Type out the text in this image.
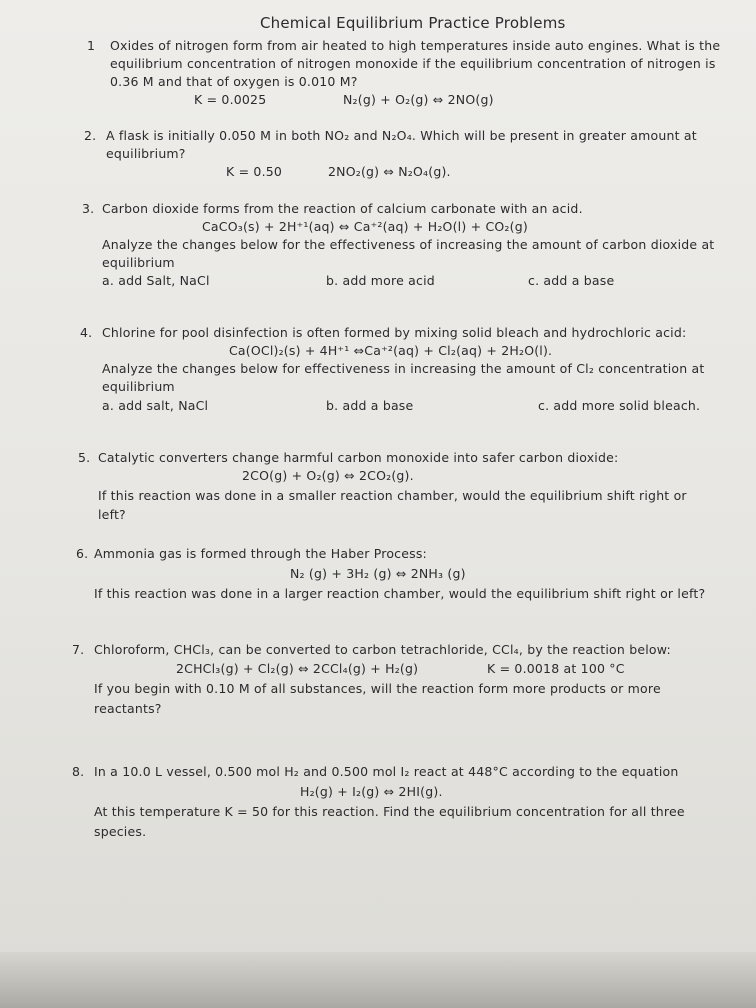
Chemical Equilibrium Practice Problems
1 Oxides of nitrogen form from air heated to high temperatures inside auto engines. What is the
equilibrium concentration of nitrogen monoxide if the equilibrium concentration of nitrogen is
0.36 M and that of oxygen is 0.010 M?
K = 0.0025	N₂(g) + O₂(g) ⇔ 2NO(g)
2. A flask is initially 0.050 M in both NO₂ and N₂O₄. Which will be present in greater amount at
equilibrium?
K = 0.50	2NO₂(g) ⇔ N₂O₄(g).
3. Carbon dioxide forms from the reaction of calcium carbonate with an acid.
CaCO₃(s) + 2H⁺¹(aq) ⇔ Ca⁺²(aq) + H₂O(l) + CO₂(g)
Analyze the changes below for the effectiveness of increasing the amount of carbon dioxide at
equilibrium
a. add Salt, NaCl	b. add more acid	c. add a base
4. Chlorine for pool disinfection is often formed by mixing solid bleach and hydrochloric acid:
Ca(OCl)₂(s) + 4H⁺¹ ⇔Ca⁺²(aq) + Cl₂(aq) + 2H₂O(l).
Analyze the changes below for effectiveness in increasing the amount of Cl₂ concentration at
equilibrium
a. add salt, NaCl	b. add a base	c. add more solid bleach.
5. Catalytic converters change harmful carbon monoxide into safer carbon dioxide:
2CO(g) + O₂(g) ⇔ 2CO₂(g).
If this reaction was done in a smaller reaction chamber, would the equilibrium shift right or
left?
6. Ammonia gas is formed through the Haber Process:
N₂ (g) + 3H₂ (g) ⇔ 2NH₃ (g)
If this reaction was done in a larger reaction chamber, would the equilibrium shift right or left?
7. Chloroform, CHCl₃, can be converted to carbon tetrachloride, CCl₄, by the reaction below:
2CHCl₃(g) + Cl₂(g) ⇔ 2CCl₄(g) + H₂(g)	K = 0.0018 at 100 °C
If you begin with 0.10 M of all substances, will the reaction form more products or more
reactants?
8. In a 10.0 L vessel, 0.500 mol H₂ and 0.500 mol I₂ react at 448°C according to the equation
H₂(g) + I₂(g) ⇔ 2HI(g).
At this temperature K = 50 for this reaction. Find the equilibrium concentration for all three
species.
